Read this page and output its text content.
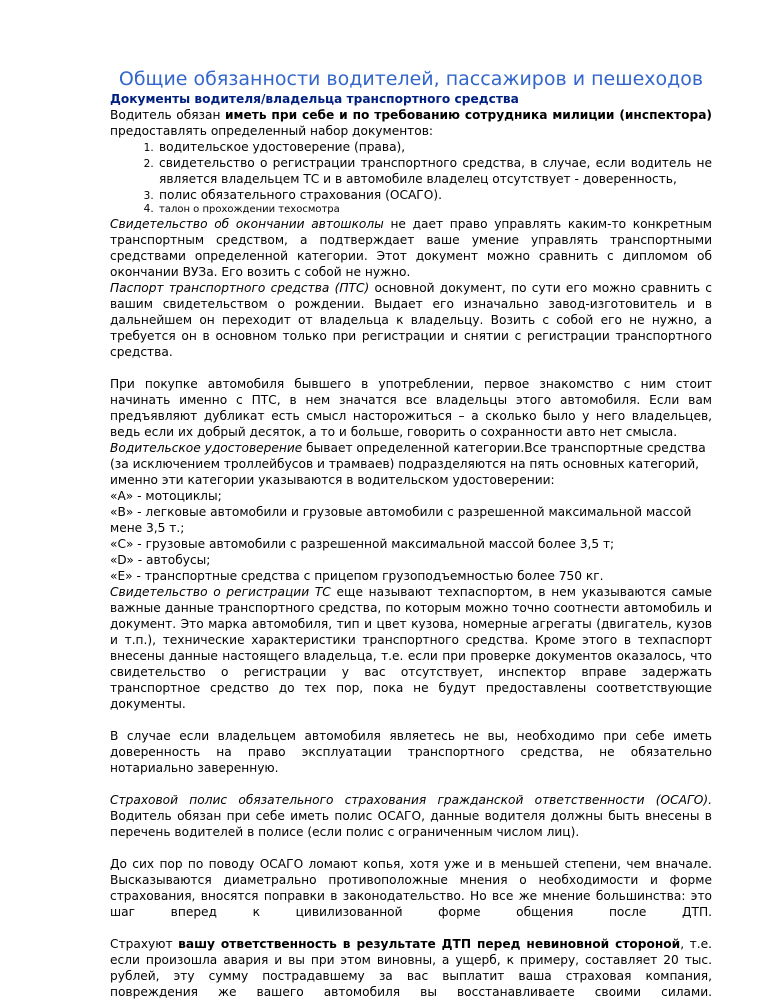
Общие обязанности водителей, пассажиров и пешеходов
Документы водителя/владельца транспортного средства

Водитель обязан иметь при себе и по требованию сотрудника милиции (инспектора) предоставлять определенный набор документов:

1. водительское удостоверение (права),
2. свидетельство о регистрации транспортного средства, в случае, если водитель не является владельцем ТС и в автомобиле владелец отсутствует - доверенность,
3. полис обязательного страхования (ОСАГО).
4. талон о прохождении техосмотра

Свидетельство об окончании автошколы не дает право управлять каким-то конкретным транспортным средством, а подтверждает ваше умение управлять транспортными средствами определенной категории. Этот документ можно сравнить с дипломом об окончании ВУЗа. Его возить с собой не нужно.

Паспорт транспортного средства (ПТС) основной документ, по сути его можно сравнить с вашим свидетельством о рождении. Выдает его изначально завод-изготовитель и в дальнейшем он переходит от владельца к владельцу. Возить с собой его не нужно, а требуется он в основном только при регистрации и снятии с регистрации транспортного средства.

При покупке автомобиля бывшего в употреблении, первое знакомство с ним стоит начинать именно с ПТС, в нем значатся все владельцы этого автомобиля. Если вам предъявляют дубликат есть смысл насторожиться – а сколько было у него владельцев, ведь если их добрый десяток, а то и больше, говорить о сохранности авто нет смысла.

Водительское удостоверение бывает определенной категории.Все транспортные средства (за исключением троллейбусов и трамваев) подразделяются на пять основных категорий, именно эти категории указываются в водительском удостоверении:

«А» - мотоциклы;

«В» - легковые автомобили и грузовые автомобили с разрешенной максимальной массой мене 3,5 т.;

«С» - грузовые автомобили с разрешенной максимальной массой более 3,5 т;

«D» - автобусы;

«E» - транспортные средства с прицепом грузоподъемностью более 750 кг.

Свидетельство о регистрации ТС еще называют техпаспортом, в нем указываются самые важные данные транспортного средства, по которым можно точно соотнести автомобиль и документ. Это марка автомобиля, тип и цвет кузова, номерные агрегаты (двигатель, кузов и т.п.), технические характеристики транспортного средства. Кроме этого в техпаспорт внесены данные настоящего владельца, т.е. если при проверке документов оказалось, что свидетельство о регистрации у вас отсутствует, инспектор вправе задержать транспортное средство до тех пор, пока не будут предоставлены соответствующие документы.

В случае если владельцем автомобиля являетесь не вы, необходимо при себе иметь доверенность на право эксплуатации транспортного средства, не обязательно нотариально заверенную.

Страховой полис обязательного страхования гражданской ответственности (ОСАГО). Водитель обязан при себе иметь полис ОСАГО, данные водителя должны быть внесены в перечень водителей в полисе (если полис с ограниченным числом лиц).

До сих пор по поводу ОСАГО ломают копья, хотя уже и в меньшей степени, чем вначале. Высказываются диаметрально противоположные мнения о необходимости и форме страхования, вносятся поправки в законодательство. Но все же мнение большинства: это шаг вперед к цивилизованной форме общения после ДТП.

Страхуют вашу ответственность в результате ДТП перед невиновной стороной, т.е. если произошла авария и вы при этом виновны, а ущерб, к примеру, составляет 20 тыс. рублей, эту сумму пострадавшему за вас выплатит ваша страховая компания, повреждения же вашего автомобиля вы восстанавливаете своими силами.
